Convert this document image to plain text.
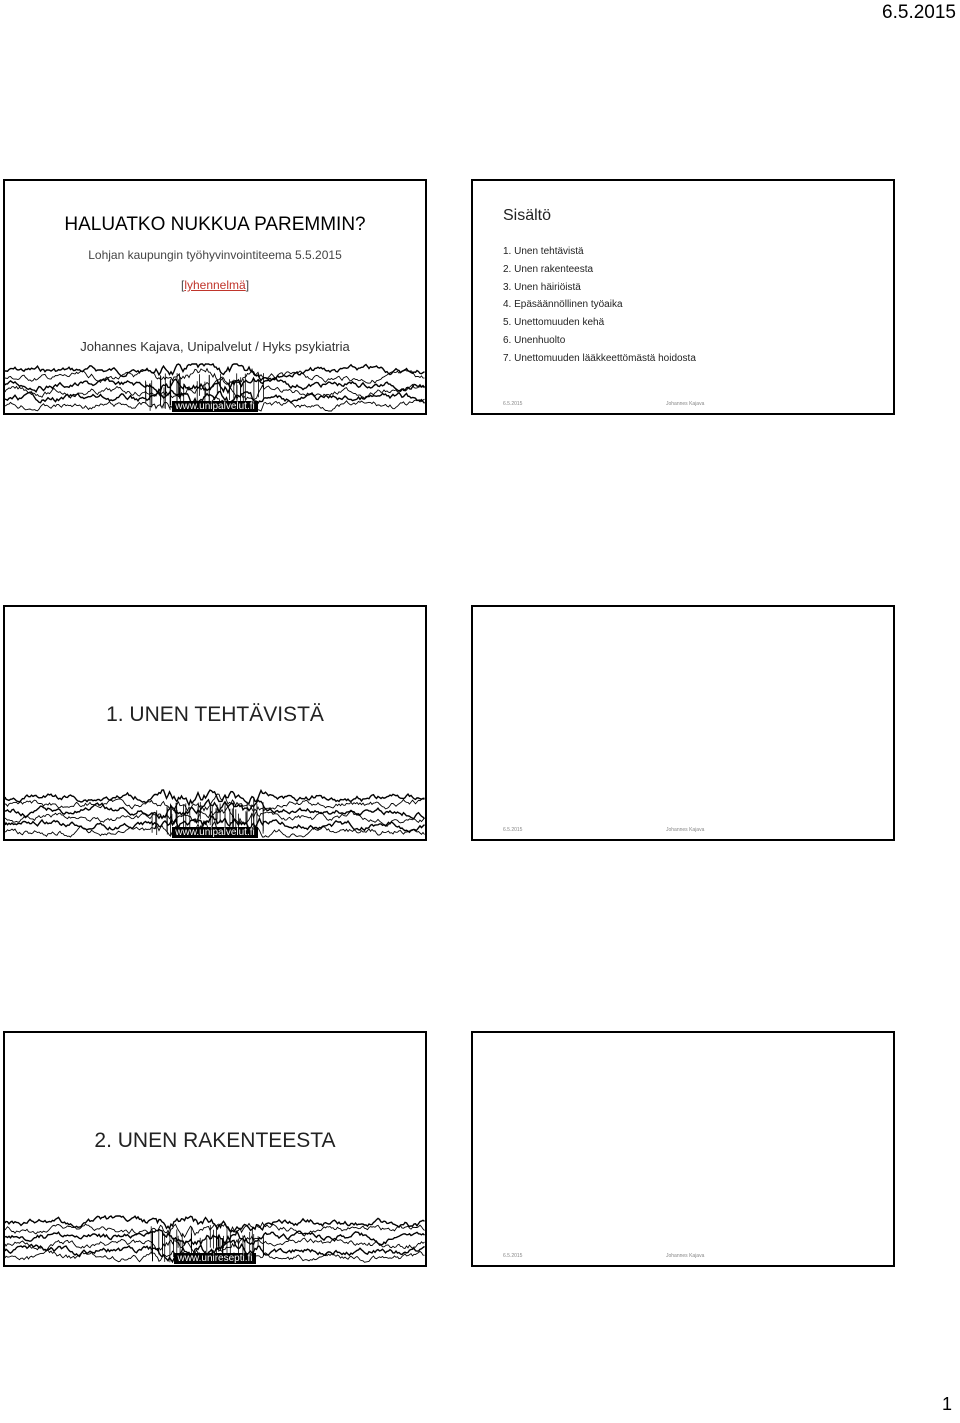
6.5.2015
HALUATKO NUKKUA PAREMMIN?
Lohjan kaupungin työhyvinvointiteema 5.5.2015
[lyhennelmä]
Johannes Kajava, Unipalvelut / Hyks psykiatria
www.unipalvelut.fi
Sisältö
1. Unen tehtävistä
2. Unen rakenteesta
3. Unen häiriöistä
4. Epäsäännöllinen työaika
5. Unettomuuden kehä
6. Unenhuolto
7. Unettomuuden lääkkeettömästä hoidosta
6.5.2015	Johannes Kajava
1. UNEN TEHTÄVISTÄ
www.unipalvelut.fi	6.5.2015	Johannes Kajava
2. UNEN RAKENTEESTA
www.uniresepti.fi	6.5.2015	Johannes Kajava
1
